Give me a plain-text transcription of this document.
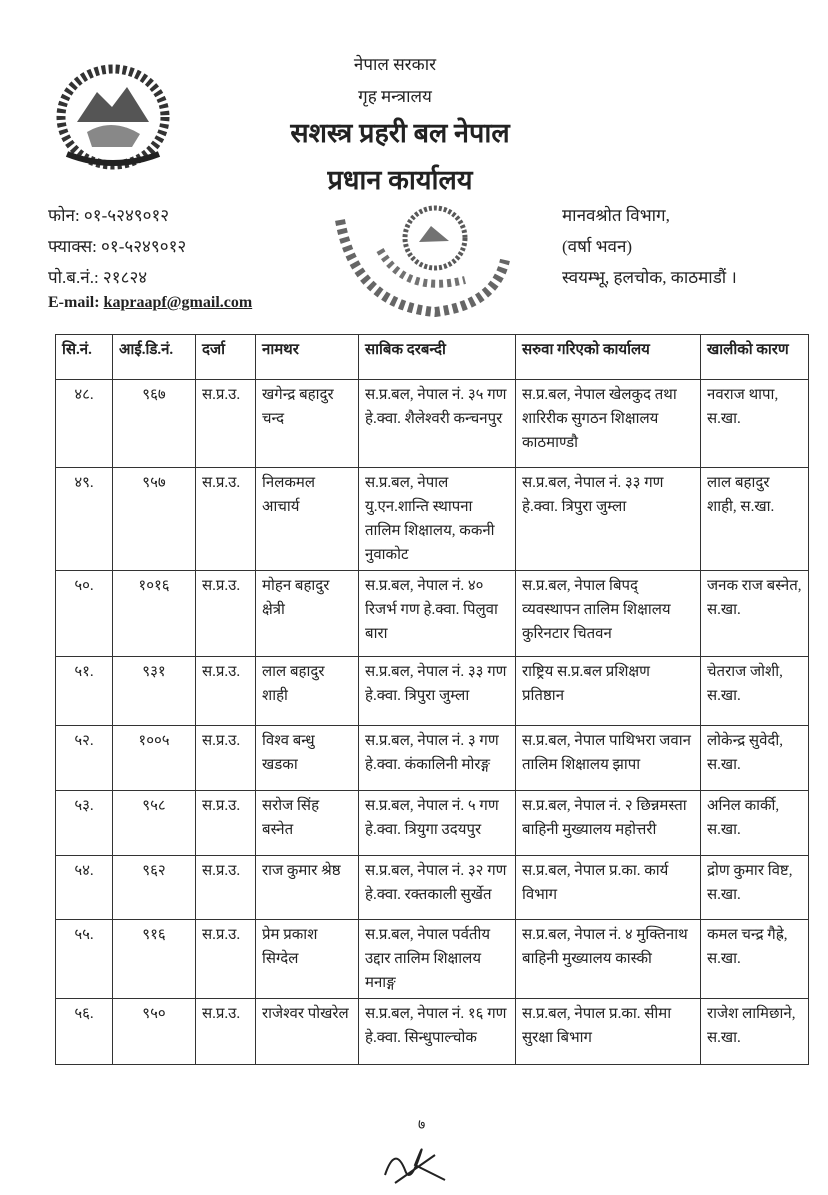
नेपाल सरकार
गृह मन्त्रालय
सशस्त्र प्रहरी बल नेपाल
प्रधान कार्यालय
फोन: ०१-५२४९०१२
फ्याक्स: ०१-५२४९०१२
पो.ब.नं.: २१८२४
E-mail: kapraapf@gmail.com
मानवश्रोत विभाग,
(वर्षा भवन)
स्वयम्भू, हलचोक, काठमाडौं ।
सि.नं.	आई.डि.नं.	दर्जा	नामथर	साबिक दरबन्दी	सरुवा गरिएको कार्यालय	खालीको कारण
४८.	९६७	स.प्र.उ.	खगेन्द्र बहादुर चन्द	स.प्र.बल, नेपाल नं. ३५ गण हे.क्वा. शैलेश्वरी कन्चनपुर	स.प्र.बल, नेपाल खेलकुद तथा शारिरीक सुगठन शिक्षालय काठमाण्डौ	नवराज थापा, स.खा.
४९.	९५७	स.प्र.उ.	निलकमल आचार्य	स.प्र.बल, नेपाल यु.एन.शान्ति स्थापना तालिम शिक्षालय, ककनी नुवाकोट	स.प्र.बल, नेपाल नं. ३३ गण हे.क्वा. त्रिपुरा जुम्ला	लाल बहादुर शाही, स.खा.
५०.	१०१६	स.प्र.उ.	मोहन बहादुर क्षेत्री	स.प्र.बल, नेपाल नं. ४० रिजर्भ गण हे.क्वा. पिलुवा बारा	स.प्र.बल, नेपाल बिपद् व्यवस्थापन तालिम शिक्षालय कुरिनटार चितवन	जनक राज बस्नेत, स.खा.
५१.	९३१	स.प्र.उ.	लाल बहादुर शाही	स.प्र.बल, नेपाल नं. ३३ गण हे.क्वा. त्रिपुरा जुम्ला	राष्ट्रिय स.प्र.बल प्रशिक्षण प्रतिष्ठान	चेतराज जोशी, स.खा.
५२.	१००५	स.प्र.उ.	विश्व बन्धु खडका	स.प्र.बल, नेपाल नं. ३ गण हे.क्वा. कंकालिनी मोरङ्ग	स.प्र.बल, नेपाल पाथिभरा जवान तालिम शिक्षालय झापा	लोकेन्द्र सुवेदी, स.खा.
५३.	९५८	स.प्र.उ.	सरोज सिंह बस्नेत	स.प्र.बल, नेपाल नं. ५ गण हे.क्वा. त्रियुगा उदयपुर	स.प्र.बल, नेपाल नं. २ छिन्नमस्ता बाहिनी मुख्यालय महोत्तरी	अनिल कार्की, स.खा.
५४.	९६२	स.प्र.उ.	राज कुमार श्रेष्ठ	स.प्र.बल, नेपाल नं. ३२ गण हे.क्वा. रक्तकाली सुर्खेत	स.प्र.बल, नेपाल प्र.का. कार्य विभाग	द्रोण कुमार विष्ट, स.खा.
५५.	९१६	स.प्र.उ.	प्रेम प्रकाश सिग्देल	स.प्र.बल, नेपाल पर्वतीय उद्दार तालिम शिक्षालय मनाङ्ग	स.प्र.बल, नेपाल नं. ४ मुक्तिनाथ बाहिनी मुख्यालय कास्की	कमल चन्द्र गैह्रे, स.खा.
५६.	९५०	स.प्र.उ.	राजेश्वर पोखरेल	स.प्र.बल, नेपाल नं. १६ गण हे.क्वा. सिन्धुपाल्चोक	स.प्र.बल, नेपाल प्र.का. सीमा सुरक्षा बिभाग	राजेश लामिछाने, स.खा.
७
